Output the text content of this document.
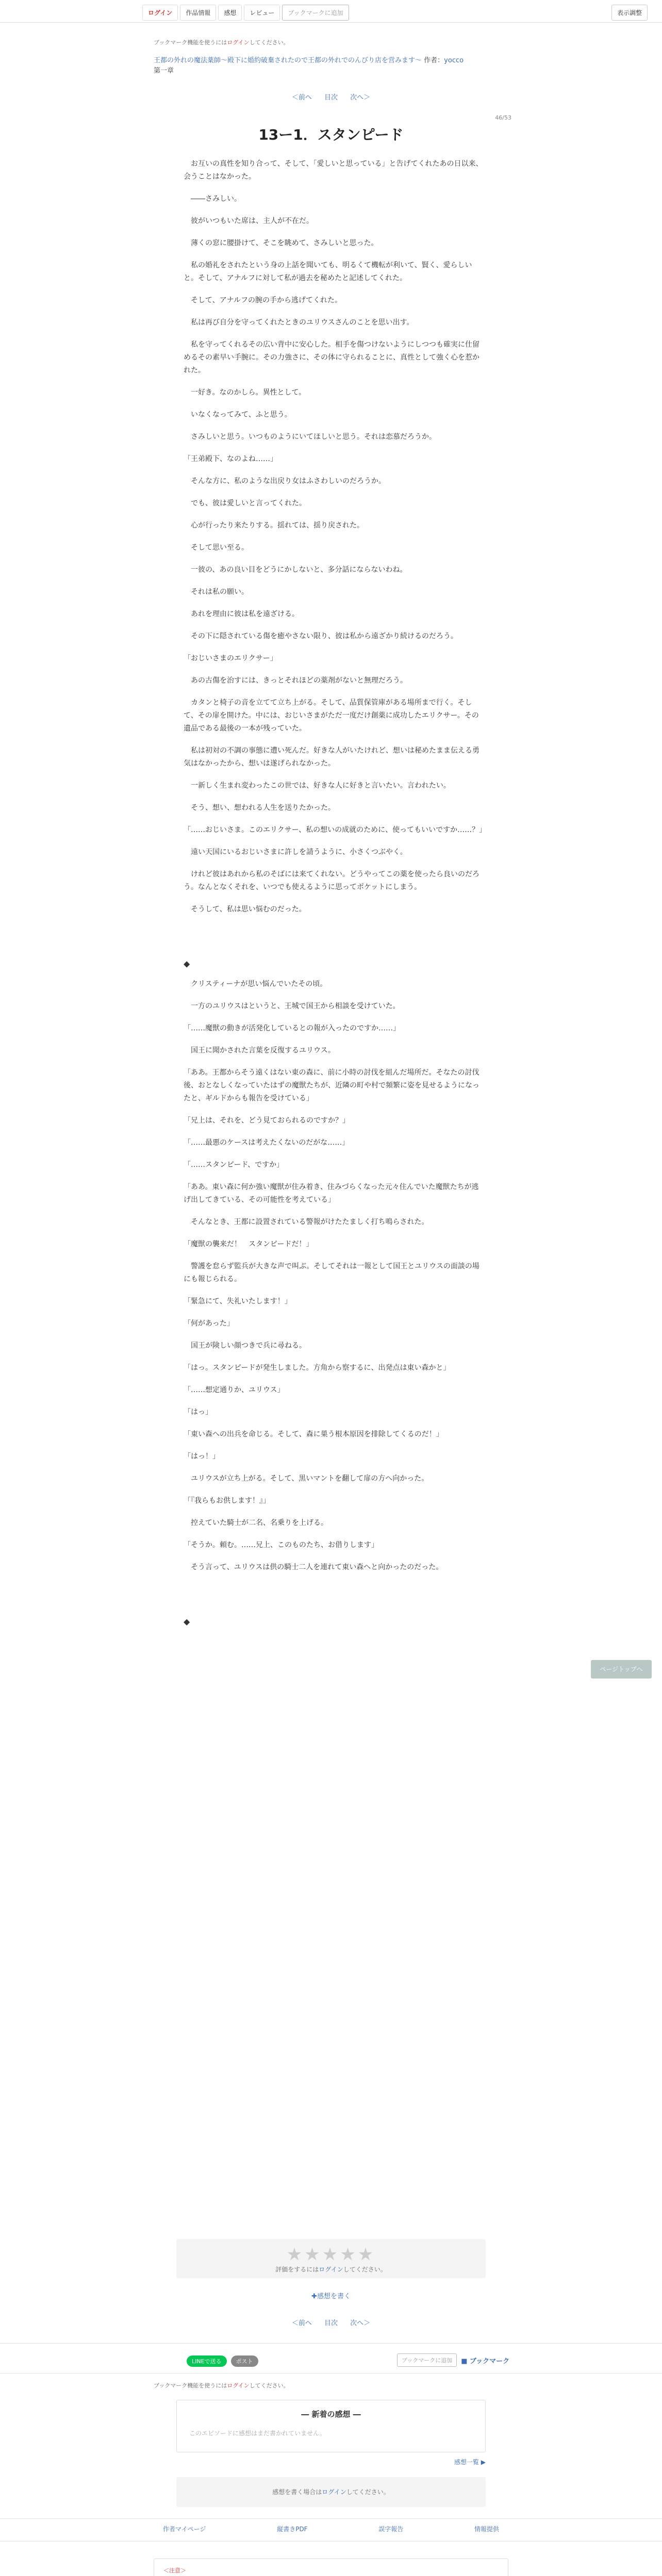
ログイン	作品情報	感想	レビュー	ブックマークに追加	表示調整
ブックマーク機能を使うにはログインしてください。
王都の外れの魔法薬師〜殿下に婚約破棄されたので王都の外れでのんびり店を営みます〜 作者：yocco
第一章
＜前へ 目次 次へ＞
46/53
13ー1．スタンピード

　お互いの真性を知り合って、そして、「愛しいと思っている」と告げてくれたあの日以来、会うことはなかった。

　――さみしい。

　彼がいつもいた席は、主人が不在だ。

　薄くの窓に腰掛けて、そこを眺めて、さみしいと思った。

　私の婚礼をされたという身の上話を聞いても、明るくて機転が利いて、賢く、愛らしいと。そして、アナルフに対して私が過去を秘めたと記述してくれた。

　そして、アナルフの腕の手から逃げてくれた。

　私は再び自分を守ってくれたときのユリウスさんのことを思い出す。

　私を守ってくれるその広い背中に安心した。相手を傷つけないようにしつつも確実に仕留めるその素早い手腕に。その力強さに、その体に守られることに、真性として強く心を惹かれた。

　一好き。なのかしら。異性として。

　いなくなってみて、ふと思う。

　さみしいと思う。いつものようにいてほしいと思う。それは恋慕だろうか。

「王弟殿下、なのよね……」

　そんな方に、私のような出戻り女はふさわしいのだろうか。

　でも、彼は愛しいと言ってくれた。

　心が行ったり来たりする。揺れては、揺り戻された。

　そして思い至る。

　一彼の、あの良い目をどうにかしないと、多分話にならないわね。

　それは私の願い。

　あれを理由に彼は私を遠ざける。

　その下に隠されている傷を癒やさない限り、彼は私から遠ざかり続けるのだろう。

「おじいさまのエリクサー」

　あの古傷を治すには、きっとそれほどの薬剤がないと無理だろう。

　カタンと椅子の音を立てて立ち上がる。そして、品質保管庫がある場所まで行く。そして、その扉を開けた。中には、おじいさまがただ一度だけ創薬に成功したエリクサー。その遺品である最後の一本が残っていた。

　私は初対の不調の事態に遭い死んだ。好きな人がいたけれど、想いは秘めたまま伝える勇気はなかったから、想いは遂げられなかった。

　一新しく生まれ変わったこの世では、好きな人に好きと言いたい。言われたい。

　そう、想い、想われる人生を送りたかった。

「……おじいさま。このエリクサー、私の想いの成就のために、使ってもいいですか……？」

　遠い天国にいるおじいさまに許しを請うように、小さくつぶやく。

　けれど彼はあれから私のそばには来てくれない。どうやってこの薬を使ったら良いのだろう。なんとなくそれを、いつでも使えるように思ってポケットにしまう。

　そうして、私は思い悩むのだった。

◆

　クリスティーナが思い悩んでいたその頃。

　一方のユリウスはというと、王城で国王から相談を受けていた。

「……魔獣の動きが活発化しているとの報が入ったのですか……」

　国王に聞かされた言葉を反復するユリウス。

「ああ。王都からそう遠くはない東の森に、前に小時の討伐を組んだ場所だ。そなたの討伐後、おとなしくなっていたはずの魔獣たちが、近隣の町や村で頻繁に姿を見せるようになったと、ギルドからも報告を受けている」

「兄上は、それを、どう見ておられるのですか？」

「……最悪のケースは考えたくないのだがな……」

「……スタンピード、ですか」

「ああ。東い森に何か強い魔獣が住み着き、住みづらくなった元々住んでいた魔獣たちが逃げ出してきている、その可能性を考えている」

　そんなとき、王都に設置されている警報がけたたましく打ち鳴らされた。

「魔獣の襲来だ！　スタンピードだ！」

　警護を怠らず監兵が大きな声で叫ぶ。そしてそれは一報として国王とユリウスの面談の場にも報じられる。

「緊急にて、失礼いたします！」

「何があった」

　国王が険しい顔つきで兵に尋ねる。

「はっ。スタンピードが発生しました。方角から察するに、出発点は東い森かと」

「……想定通りか、ユリウス」

「はっ」

「東い森への出兵を命じる。そして、森に巣う根本原因を排除してくるのだ！」

「はっ！」

　ユリウスが立ち上がる。そして、黒いマントを翻して扉の方へ向かった。

「『我らもお供します！』」

　控えていた騎士が二名、名乗りを上げる。

「そうか。頼む。……兄上、このものたち、お借りします」

　そう言って、ユリウスは供の騎士二人を連れて東い森へと向かったのだった。

◆

ページトップへ
★★★★★
評価をするにはログインしてください。
✚感想を書く
＜前へ 目次 次へ＞
LINEで送る	ポスト	ブックマークに追加	■ ブックマーク
ブックマーク機能を使うにはログインしてください。
― 新着の感想 ―
このエピソードに感想はまだ書かれていません。
感想一覧 ▶
感想を書く場合はログインしてください。
作者マイページ	縦書きPDF	誤字報告	情報提供
＜注意＞
